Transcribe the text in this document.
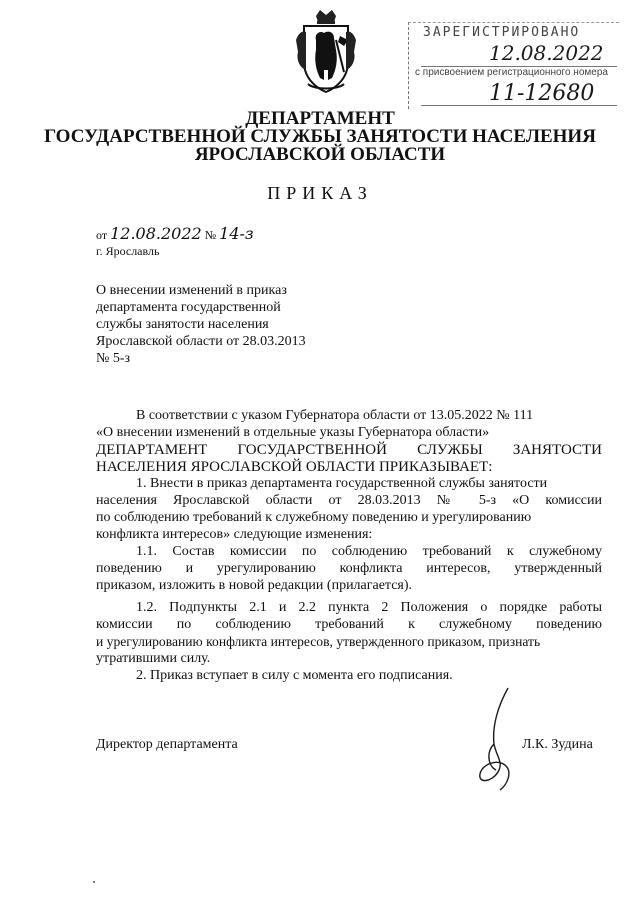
ЗАРЕГИСТРИРОВАНО
12.08.2022
с присвоением регистрационного номера
11-12680
ДЕПАРТАМЕНТ
ГОСУДАРСТВЕННОЙ СЛУЖБЫ ЗАНЯТОСТИ НАСЕЛЕНИЯ
ЯРОСЛАВСКОЙ ОБЛАСТИ
ПРИКАЗ
от 12.08.2022 № 14-з
г. Ярославль
О внесении изменений в приказ
департамента государственной
службы занятости населения
Ярославской области от 28.03.2013
№ 5-з
В соответствии с указом Губернатора области от 13.05.2022 № 111
«О внесении изменений в отдельные указы Губернатора области»
ДЕПАРТАМЕНТ ГОСУДАРСТВЕННОЙ СЛУЖБЫ ЗАНЯТОСТИ
НАСЕЛЕНИЯ ЯРОСЛАВСКОЙ ОБЛАСТИ ПРИКАЗЫВАЕТ:
1. Внести в приказ департамента государственной службы занятости
населения Ярославской области от 28.03.2013 № 5-з «О комиссии
по соблюдению требований к служебному поведению и урегулированию
конфликта интересов» следующие изменения:
1.1. Состав комиссии по соблюдению требований к служебному
поведению и урегулированию конфликта интересов, утвержденный
приказом, изложить в новой редакции (прилагается).
1.2. Подпункты 2.1 и 2.2 пункта 2 Положения о порядке работы
комиссии по соблюдению требований к служебному поведению
и урегулированию конфликта интересов, утвержденного приказом, признать
утратившими силу.
2. Приказ вступает в силу с момента его подписания.
Директор департамента	Л.К. Зудина
